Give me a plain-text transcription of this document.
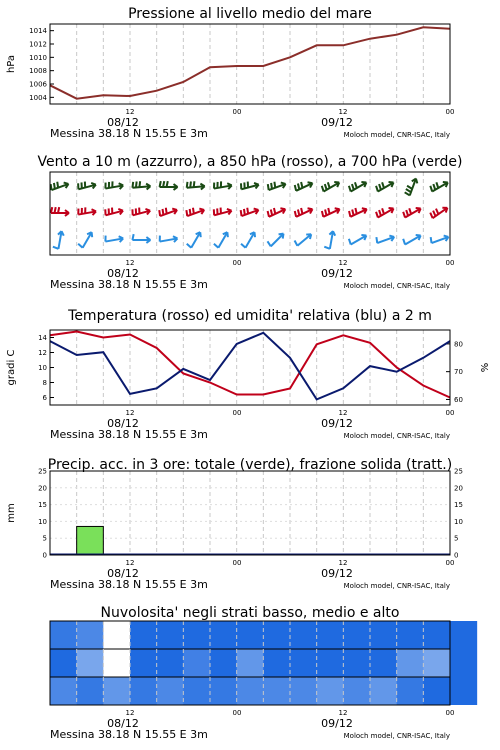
Pressione al livello medio del mare
12	00	12	00
08/12	09/12
Messina 38.18 N 15.55 E 3m	Moloch model, CNR-ISAC, Italy
1004
1006
1008
1010
1012
1014
hPa
Vento a 10 m (azzurro), a 850 hPa (rosso), a 700 hPa (verde)
12	00	12	00
08/12	09/12
Messina 38.18 N 15.55 E 3m	Moloch model, CNR-ISAC, Italy
Temperatura (rosso) ed umidita' relativa (blu) a 2 m
12	00	12	00
08/12	09/12
Messina 38.18 N 15.55 E 3m	Moloch model, CNR-ISAC, Italy
6
8
10
12
14
60
70
80
gradi C	%
Precip. acc. in 3 ore: totale (verde), frazione solida (tratt.)
12	00	12	00
08/12	09/12
Messina 38.18 N 15.55 E 3m	Moloch model, CNR-ISAC, Italy
0	0
5	5
10	10
15	15
20	20
25	25
mm
Nuvolosita' negli strati basso, medio e alto
12	00	12	00
08/12	09/12
Messina 38.18 N 15.55 E 3m	Moloch model, CNR-ISAC, Italy
